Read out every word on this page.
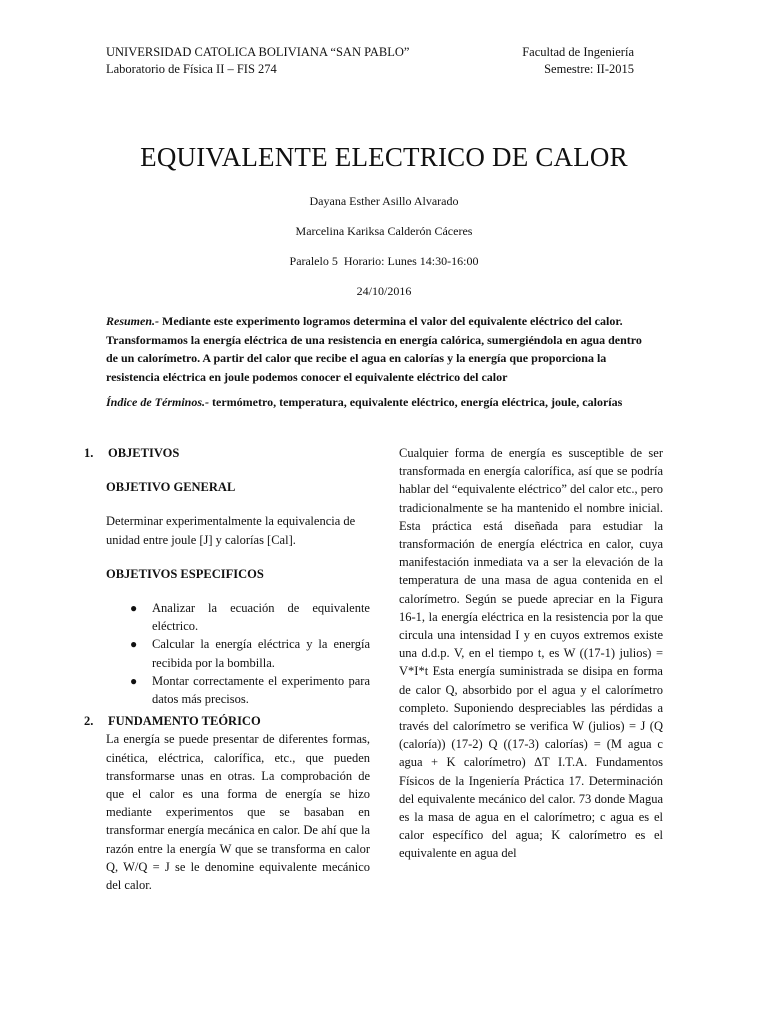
UNIVERSIDAD CATOLICA BOLIVIANA “SAN PABLO”
Laboratorio de Física II – FIS 274
Facultad de Ingeniería
Semestre: II-2015
EQUIVALENTE ELECTRICO DE CALOR
Dayana Esther Asillo Alvarado
Marcelina Kariksa Calderón Cáceres
Paralelo 5  Horario: Lunes 14:30-16:00
24/10/2016
Resumen.- Mediante este experimento logramos determina el valor del equivalente eléctrico del calor. Transformamos la energía eléctrica de una resistencia en energía calórica, sumergiéndola en agua dentro de un calorímetro. A partir del calor que recibe el agua en calorías y la energía que proporciona la resistencia eléctrica en joule podemos conocer el equivalente eléctrico del calor
Índice de Términos.- termómetro, temperatura, equivalente eléctrico, energía eléctrica, joule, calorías
1.	OBJETIVOS
OBJETIVO GENERAL
Determinar experimentalmente la equivalencia de unidad entre joule [J] y calorías [Cal].
OBJETIVOS ESPECIFICOS
● Analizar la ecuación de equivalente eléctrico.
● Calcular la energía eléctrica y la energía recibida por la bombilla.
● Montar correctamente el experimento para datos más precisos.
2.	FUNDAMENTO TEÓRICO
La energía se puede presentar de diferentes formas, cinética, eléctrica, calorífica, etc., que pueden transformarse unas en otras. La comprobación de que el calor es una forma de energía se hizo mediante experimentos que se basaban en transformar energía mecánica en calor. De ahí que la razón entre la energía W que se transforma en calor Q, W/Q = J se le denomine equivalente mecánico del calor.
Cualquier forma de energía es susceptible de ser transformada en energía calorífica, así que se podría hablar del “equivalente eléctrico” del calor etc., pero tradicionalmente se ha mantenido el nombre inicial. Esta práctica está diseñada para estudiar la transformación de energía eléctrica en calor, cuya manifestación inmediata va a ser la elevación de la temperatura de una masa de agua contenida en el calorímetro. Según se puede apreciar en la Figura 16-1, la energía eléctrica en la resistencia por la que circula una intensidad I y en cuyos extremos existe una d.d.p. V, en el tiempo t, es W ((17-1) julios) = V*I*t Esta energía suministrada se disipa en forma de calor Q, absorbido por el agua y el calorímetro completo. Suponiendo despreciables las pérdidas a través del calorímetro se verifica W (julios) = J (Q (caloría)) (17-2) Q ((17-3) calorías) = (M agua c agua + K calorímetro) ΔT I.T.A. Fundamentos Físicos de la Ingeniería Práctica 17. Determinación del equivalente mecánico del calor. 73 donde Magua es la masa de agua en el calorímetro; c agua es el calor específico del agua; K calorímetro es el equivalente en agua del
